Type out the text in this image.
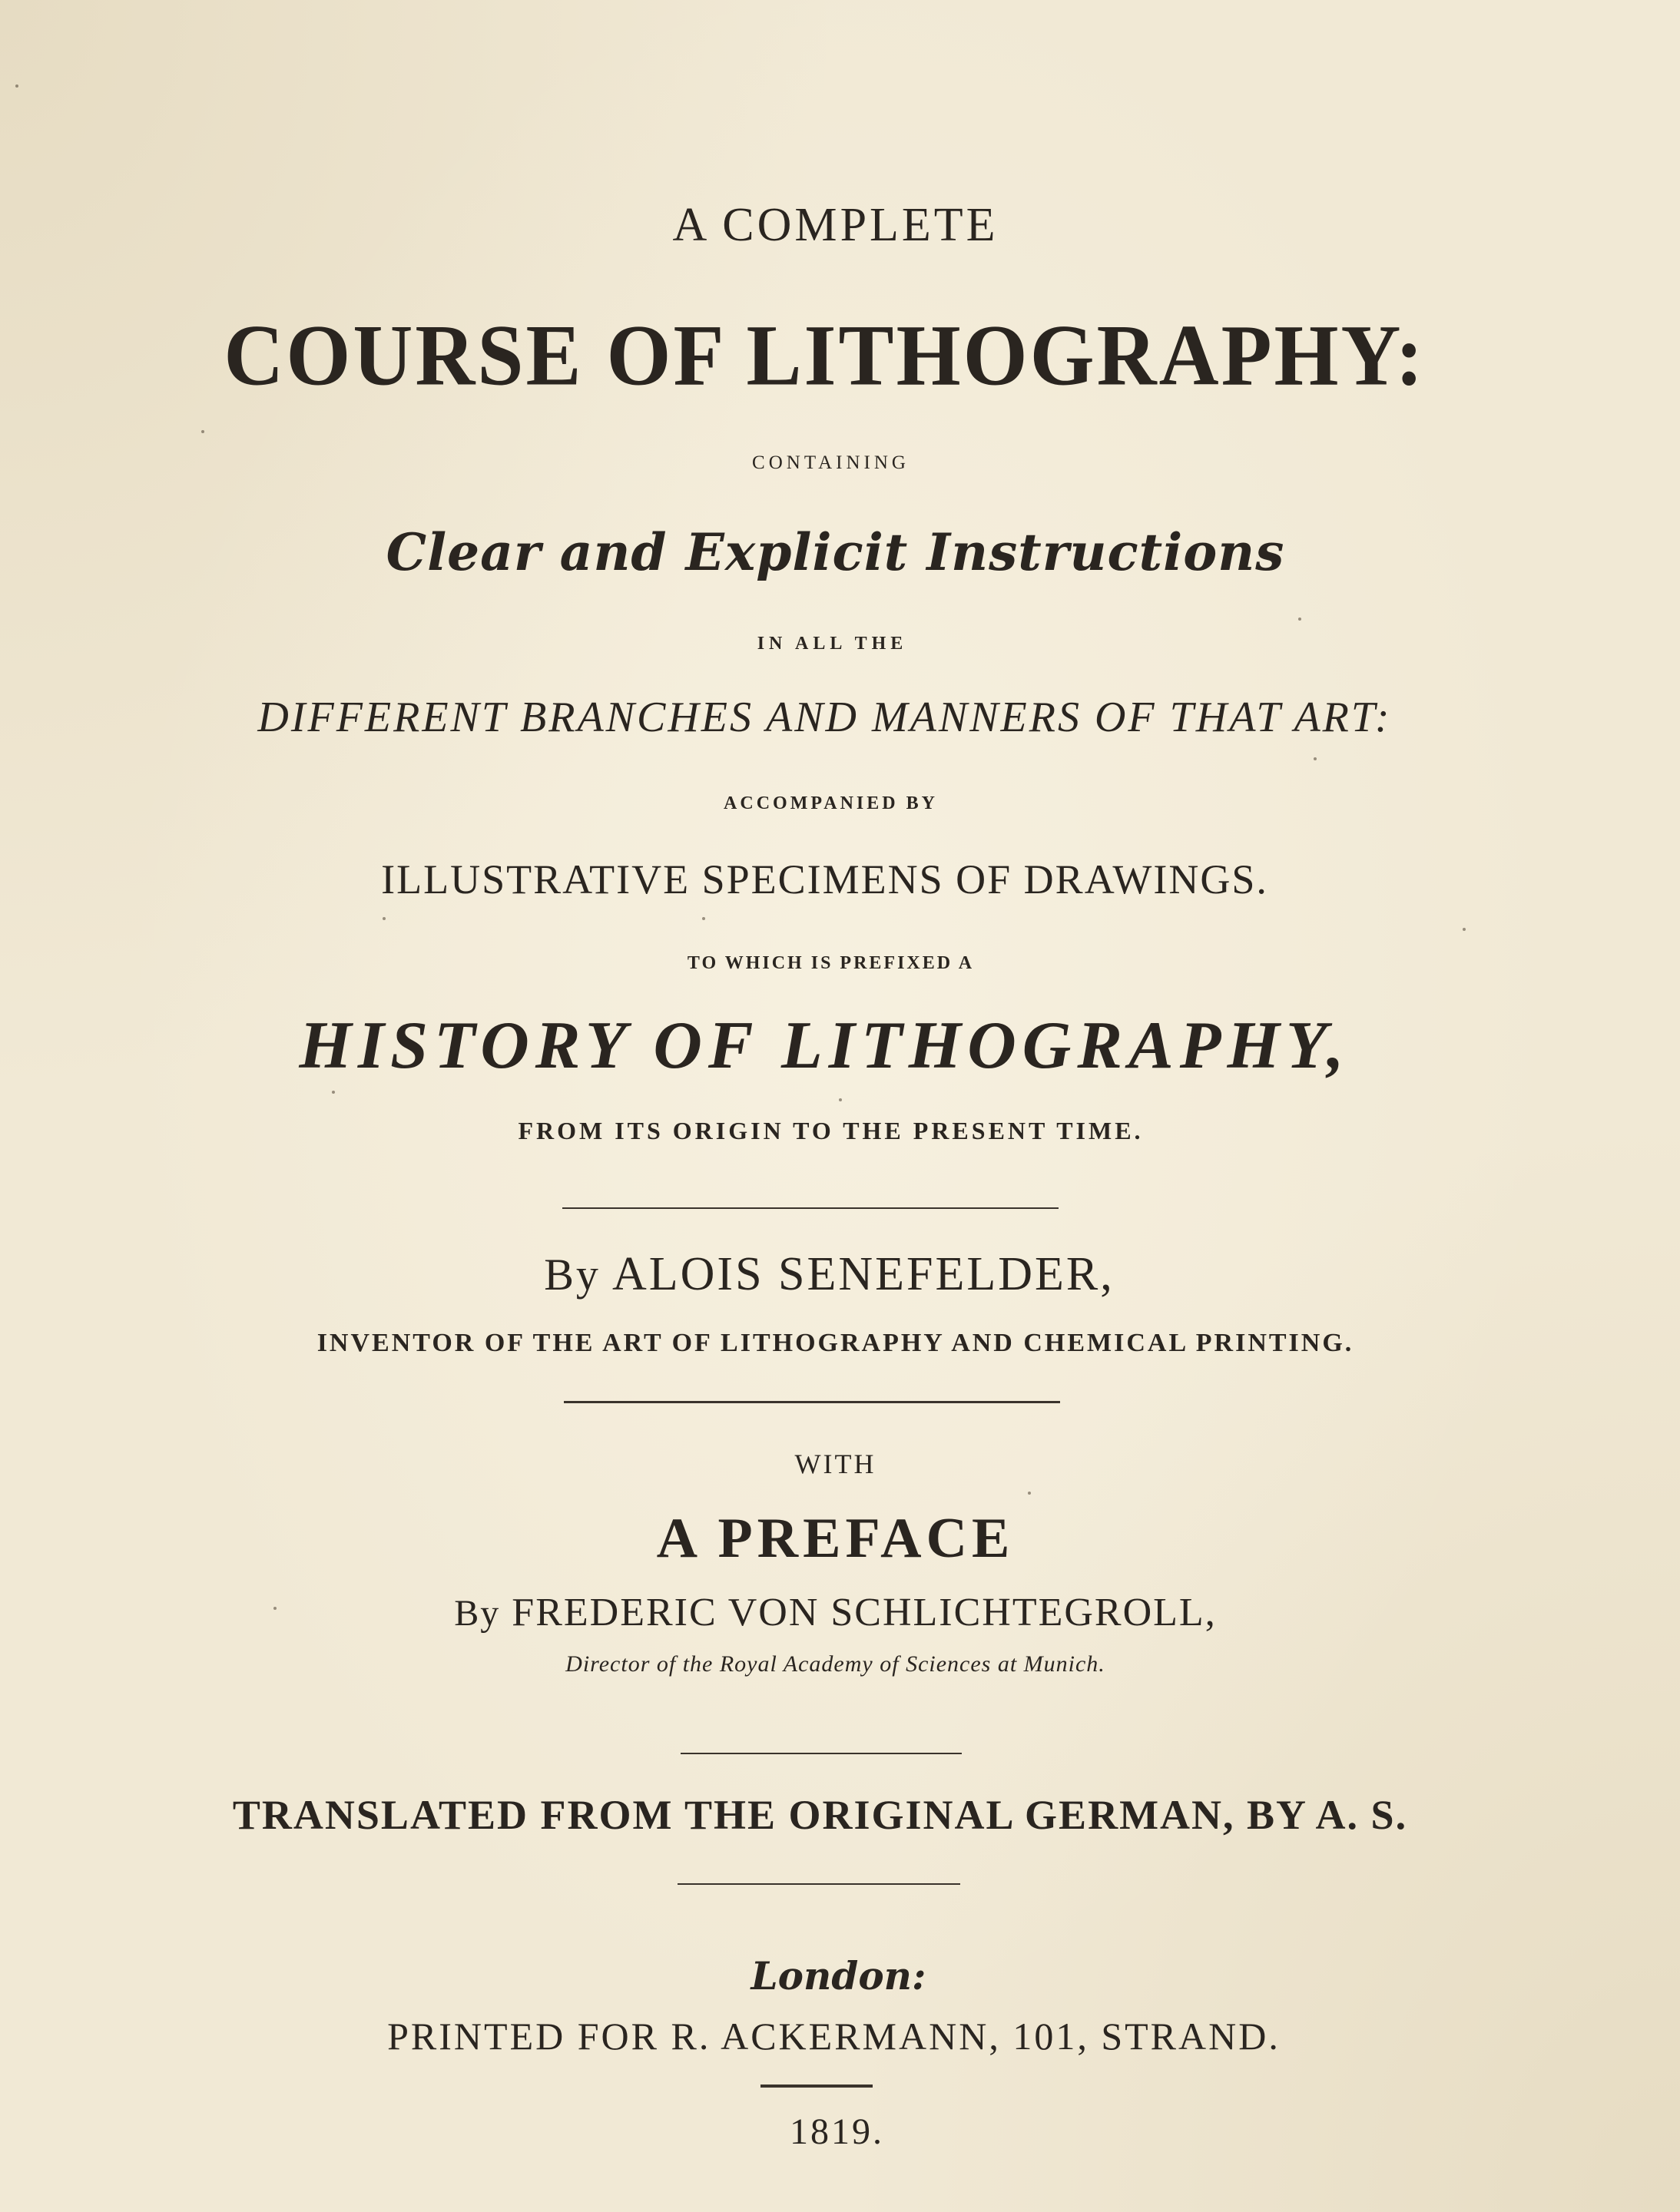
A COMPLETE
COURSE OF LITHOGRAPHY:
CONTAINING
Clear and Explicit Instructions
IN ALL THE
DIFFERENT BRANCHES AND MANNERS OF THAT ART:
ACCOMPANIED BY
ILLUSTRATIVE SPECIMENS OF DRAWINGS.
TO WHICH IS PREFIXED A
HISTORY OF LITHOGRAPHY,
FROM ITS ORIGIN TO THE PRESENT TIME.
By ALOIS SENEFELDER,
INVENTOR OF THE ART OF LITHOGRAPHY AND CHEMICAL PRINTING.
WITH
A PREFACE
By FREDERIC VON SCHLICHTEGROLL,
Director of the Royal Academy of Sciences at Munich.
TRANSLATED FROM THE ORIGINAL GERMAN, BY A. S.
London:
PRINTED FOR R. ACKERMANN, 101, STRAND.
1819.
